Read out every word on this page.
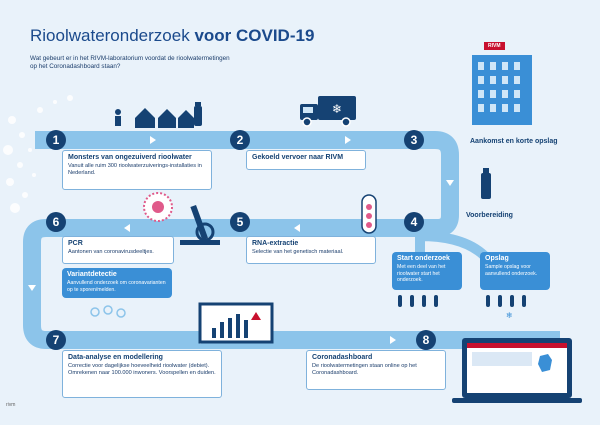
❄
❄

Rioolwateronderzoek voor COVID-19

Wat gebeurt er in het RIVM-laboratorium voordat de rioolwatermetingen op het Coronadashboard staan?

RIVM
1	2	3
4
5
6
7	8
Monsters van ongezuiverd rioolwater
Vanuit alle ruim 300 rioolwaterzuiverings-installaties in Nederland.
Gekoeld vervoer naar RIVM
Aankomst en korte opslag
Voorbereiding
RNA-extractie
Selectie van het genetisch materiaal.
PCR
Aantonen van coronavirusdeeltjes.
Variantdetectie
Aanvullend onderzoek om coronavarianten op te sporen/melden.
Start onderzoek
Met een deel van het rioolwater start het onderzoek.
Opslag
Sample opslag voor aanvullend onderzoek.
Data-analyse en modellering
Correctie voor dagelijkse hoeveelheid rioolwater (debiet). Omrekenen naar 100.000 inwoners. Voorspellen en duiden.
Coronadashboard
De rioolwatermetingen staan online op het Coronadashboard.
rivm
